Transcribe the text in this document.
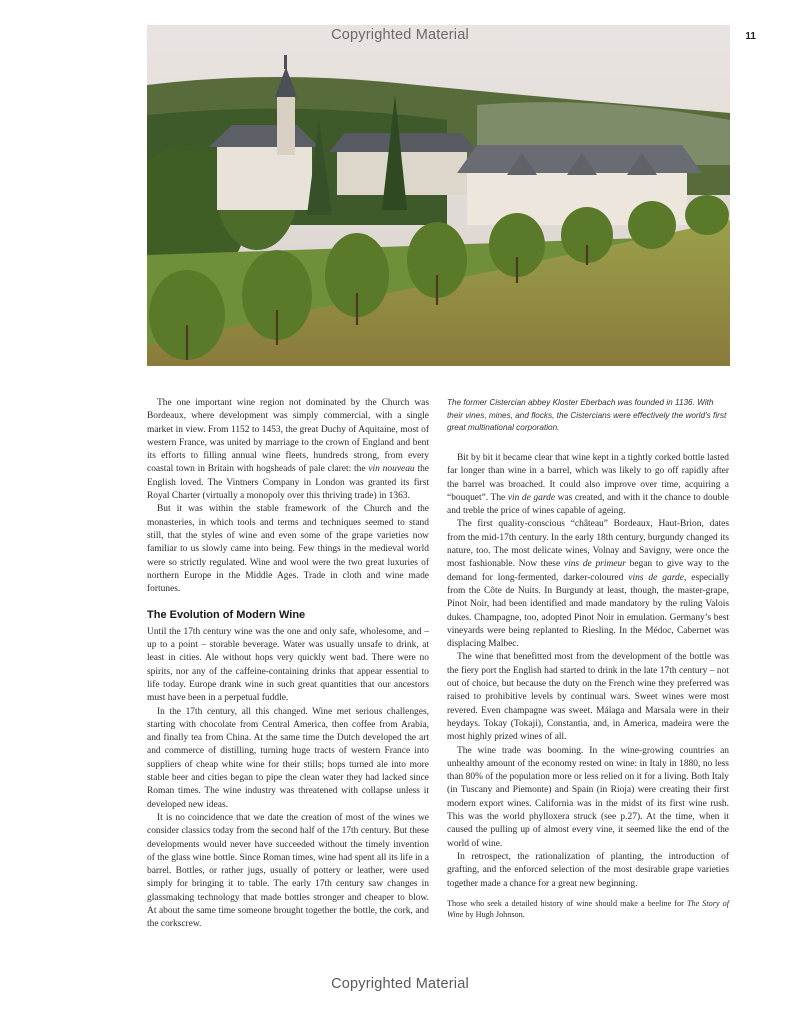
11
Copyrighted Material

The one important wine region not dominated by the Church was Bordeaux, where development was simply commercial, with a single market in view. From 1152 to 1453, the great Duchy of Aquitaine, most of western France, was united by marriage to the crown of England and bent its efforts to filling annual wine fleets, hundreds strong, from every coastal town in Britain with hogsheads of pale claret: the vin nouveau the English loved. The Vintners Company in London was granted its first Royal Charter (virtually a monopoly over this thriving trade) in 1363.

But it was within the stable framework of the Church and the monasteries, in which tools and terms and techniques seemed to stand still, that the styles of wine and even some of the grape varieties now familiar to us slowly came into being. Few things in the medieval world were so strictly regulated. Wine and wool were the two great luxuries of northern Europe in the Middle Ages. Trade in cloth and wine made fortunes.

The Evolution of Modern Wine

Until the 17th century wine was the one and only safe, wholesome, and – up to a point – storable beverage. Water was usually unsafe to drink, at least in cities. Ale without hops very quickly went bad. There were no spirits, nor any of the caffeine-containing drinks that appear essential to life today. Europe drank wine in such great quantities that our ancestors must have been in a perpetual fuddle.

In the 17th century, all this changed. Wine met serious challenges, starting with chocolate from Central America, then coffee from Arabia, and finally tea from China. At the same time the Dutch developed the art and commerce of distilling, turning huge tracts of western France into suppliers of cheap white wine for their stills; hops turned ale into more stable beer and cities began to pipe the clean water they had lacked since Roman times. The wine industry was threatened with collapse unless it developed new ideas.

It is no coincidence that we date the creation of most of the wines we consider classics today from the second half of the 17th century. But these developments would never have succeeded without the timely invention of the glass wine bottle. Since Roman times, wine had spent all its life in a barrel. Bottles, or rather jugs, usually of pottery or leather, were used simply for bringing it to table. The early 17th century saw changes in glassmaking technology that made bottles stronger and cheaper to blow. At about the same time someone brought together the bottle, the cork, and the corkscrew.

The former Cistercian abbey Kloster Eberbach was founded in 1136. With their vines, mines, and flocks, the Cistercians were effectively the world’s first great multinational corporation.

Bit by bit it became clear that wine kept in a tightly corked bottle lasted far longer than wine in a barrel, which was likely to go off rapidly after the barrel was broached. It could also improve over time, acquiring a “bouquet”. The vin de garde was created, and with it the chance to double and treble the price of wines capable of ageing.

The first quality-conscious “château” Bordeaux, Haut-Brion, dates from the mid-17th century. In the early 18th century, burgundy changed its nature, too. The most delicate wines, Volnay and Savigny, were once the most fashionable. Now these vins de primeur began to give way to the demand for long-fermented, darker-coloured vins de garde, especially from the Côte de Nuits. In Burgundy at least, though, the master-grape, Pinot Noir, had been identified and made mandatory by the ruling Valois dukes. Champagne, too, adopted Pinot Noir in emulation. Germany’s best vineyards were being replanted to Riesling. In the Médoc, Cabernet was displacing Malbec.

The wine that benefitted most from the development of the bottle was the fiery port the English had started to drink in the late 17th century – not out of choice, but because the duty on the French wine they preferred was raised to prohibitive levels by continual wars. Sweet wines were most revered. Even champagne was sweet. Málaga and Marsala were in their heydays. Tokay (Tokaji), Constantia, and, in America, madeira were the most highly prized wines of all.

The wine trade was booming. In the wine-growing countries an unhealthy amount of the economy rested on wine: in Italy in 1880, no less than 80% of the population more or less relied on it for a living. Both Italy (in Tuscany and Piemonte) and Spain (in Rioja) were creating their first modern export wines. California was in the midst of its first wine rush. This was the world phylloxera struck (see p.27). At the time, when it caused the pulling up of almost every vine, it seemed like the end of the world of wine.

In retrospect, the rationalization of planting, the introduction of grafting, and the enforced selection of the most desirable grape varieties together made a chance for a great new beginning.

Those who seek a detailed history of wine should make a beeline for The Story of Wine by Hugh Johnson.

Copyrighted Material
